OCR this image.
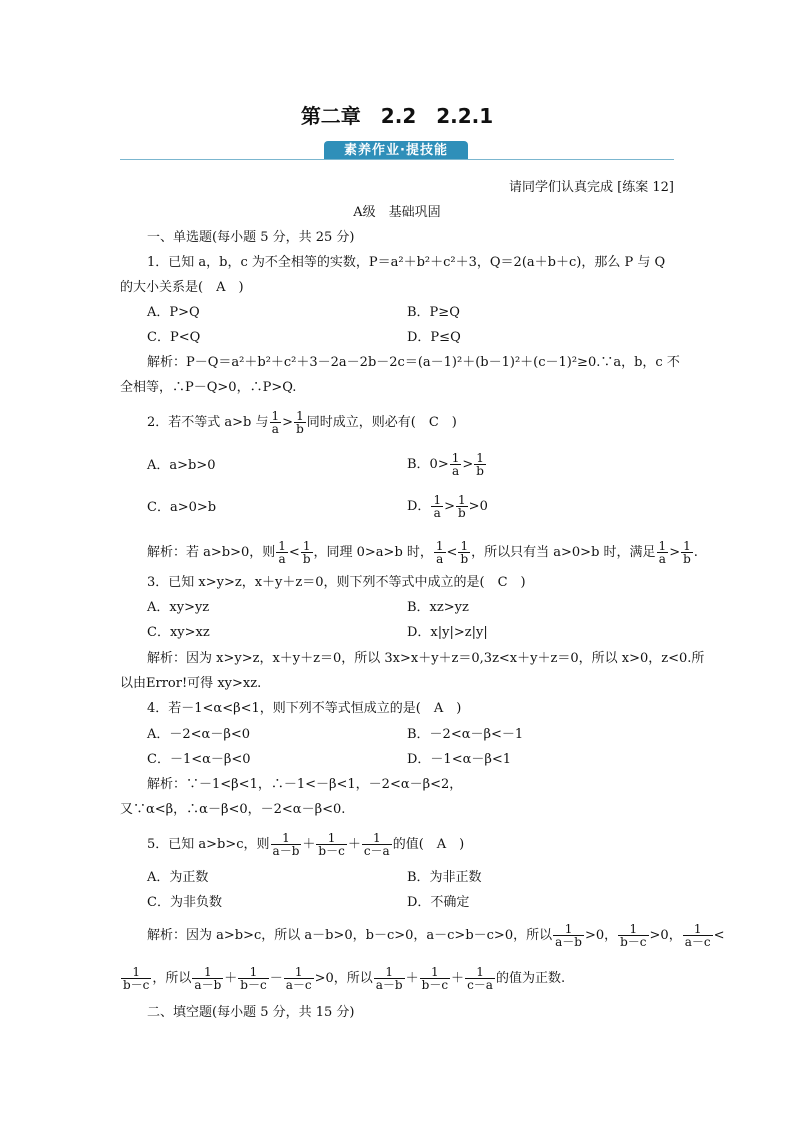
第二章　2.2　2.2.1
素养作业·提技能
请同学们认真完成 [练案 12]
A级　基础巩固
一、单选题(每小题 5 分，共 25 分)
1．已知 a，b，c 为不全相等的实数，P＝a²＋b²＋c²＋3，Q＝2(a＋b＋c)，那么 P 与 Q
的大小关系是(　A　)
A．P>Q	B．P≥Q
C．P<Q	D．P≤Q
解析：P－Q＝a²＋b²＋c²＋3－2a－2b－2c＝(a－1)²＋(b－1)²＋(c－1)²≥0.∵a，b，c 不
全相等，∴P－Q>0，∴P>Q.
2．若不等式 a>b 与 $\frac{1}{a} > \frac{1}{b}$ 同时成立，则必有(　C　)
A．a>b>0	B．$0> \frac{1}{a} > \frac{1}{b}$
C．a>0>b	D． $\frac{1}{a} > \frac{1}{b} >0$
解析：若 a>b>0，则 $\frac{1}{a} < \frac{1}{b}$ ，同理 0>a>b 时， $\frac{1}{a} < \frac{1}{b}$ ，所以只有当 a>0>b 时，满足 $\frac{1}{a} > \frac{1}{b}$ .
3．已知 x>y>z，x＋y＋z＝0，则下列不等式中成立的是(　C　)
A．xy>yz	B．xz>yz
C．xy>xz	D．x|y|>z|y|
解析：因为 x>y>z，x＋y＋z＝0，所以 3x>x＋y＋z＝0,3z<x＋y＋z＝0，所以 x>0，z<0.所
以由Error!可得 xy>xz.
4．若－1<α<β<1，则下列不等式恒成立的是(　A　)
A．－2<α－β<0	B．－2<α－β<－1
C．－1<α－β<0	D．－1<α－β<1
解析：∵－1<β<1，∴－1<－β<1，－2<α－β<2，
又∵α<β，∴α－β<0，－2<α－β<0.
5．已知 a>b>c，则 $\frac{1}{a-b} + \frac{1}{b-c} + \frac{1}{c-a}$ 的值(　A　)
A．为正数	B．为非正数
C．为非负数	D．不确定
解析：因为 a>b>c，所以 a－b>0，b－c>0，a－c>b－c>0，所以 $\frac{1}{a-b} >0$， $\frac{1}{b-c} >0$， $\frac{1}{a-c}$ <
$\frac{1}{b-c}$ ，所以 $\frac{1}{a-b} + \frac{1}{b-c} - \frac{1}{a-c} >0$，所以 $\frac{1}{a-b} + \frac{1}{b-c} + \frac{1}{c-a}$ 的值为正数.
二、填空题(每小题 5 分，共 15 分)
